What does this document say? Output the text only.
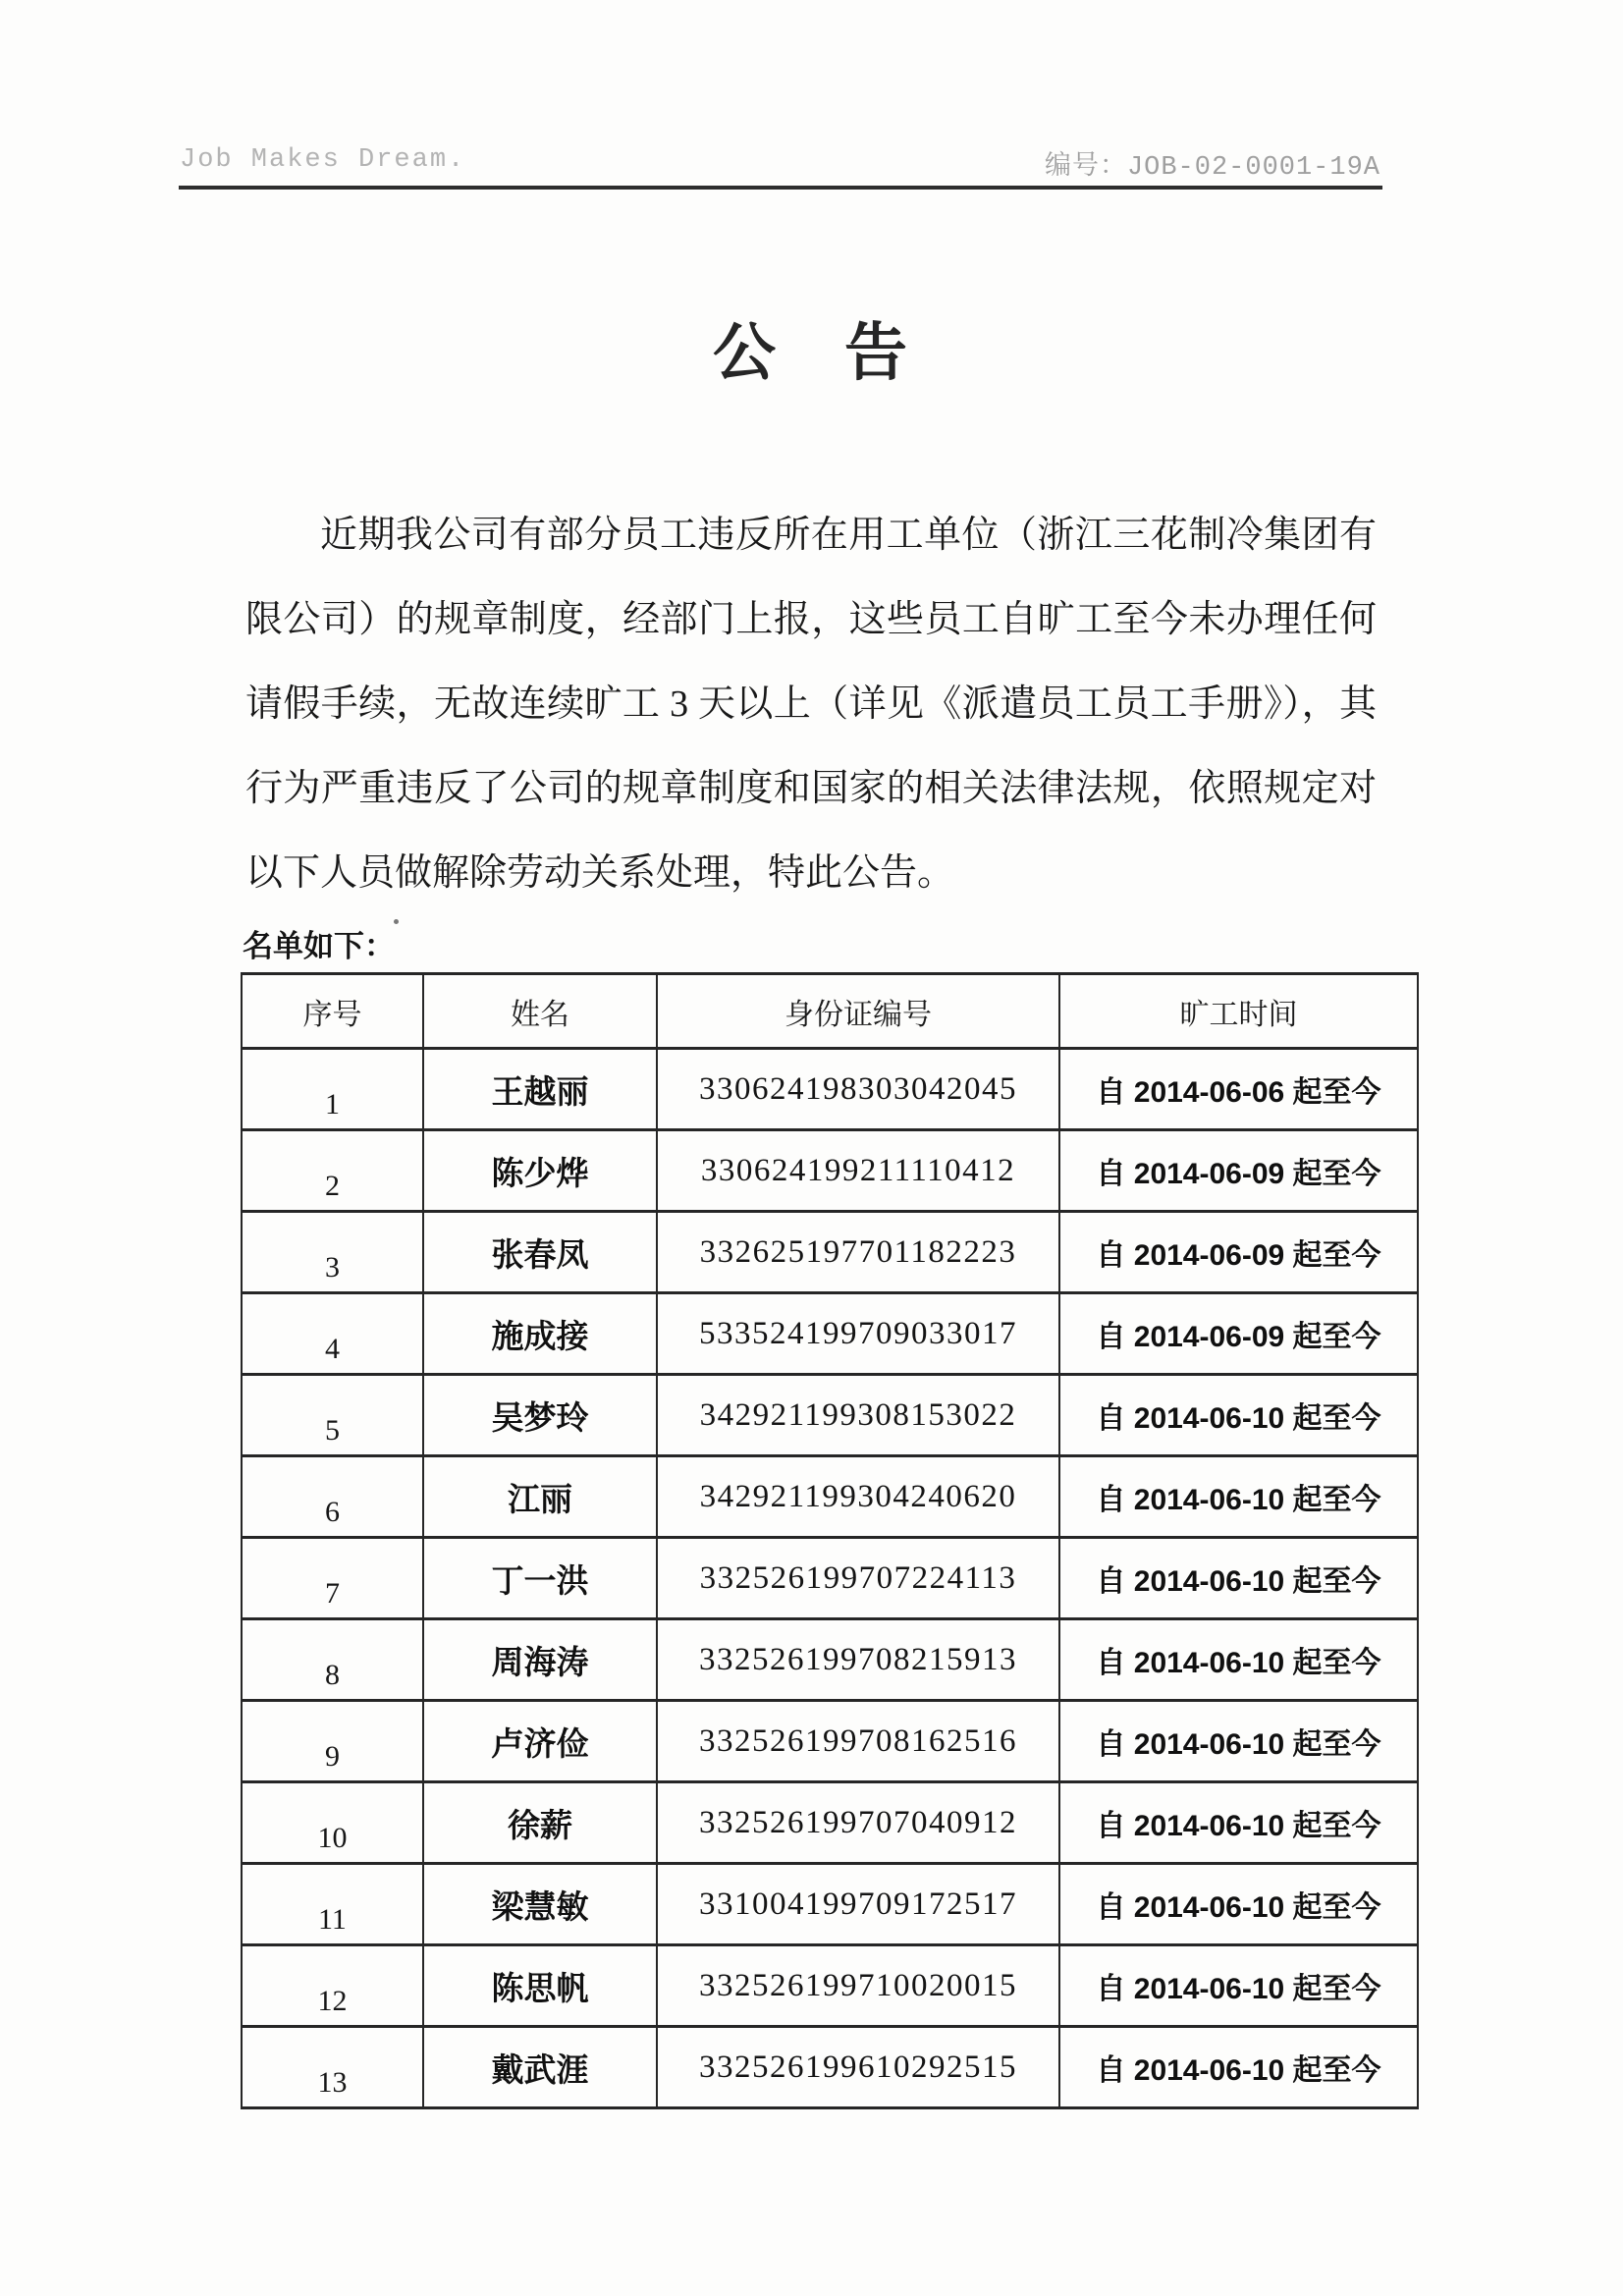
Job Makes Dream.	编号：JOB-02-0001-19A
公　告
近期我公司有部分员工违反所在用工单位（浙江三花制冷集团有
限公司）的规章制度，经部门上报，这些员工自旷工至今未办理任何
请假手续，无故连续旷工 3 天以上（详见《派遣员工员工手册》），其
行为严重违反了公司的规章制度和国家的相关法律法规，依照规定对
以下人员做解除劳动关系处理，特此公告。
名单如下：
序号	姓名	身份证编号	旷工时间
1	王越丽	330624198303042045	自 2014-06-06 起至今
2	陈少烨	330624199211110412	自 2014-06-09 起至今
3	张春凤	332625197701182223	自 2014-06-09 起至今
4	施成接	533524199709033017	自 2014-06-09 起至今
5	吴梦玲	342921199308153022	自 2014-06-10 起至今
6	江丽	342921199304240620	自 2014-06-10 起至今
7	丁一洪	332526199707224113	自 2014-06-10 起至今
8	周海涛	332526199708215913	自 2014-06-10 起至今
9	卢济俭	332526199708162516	自 2014-06-10 起至今
10	徐薪	332526199707040912	自 2014-06-10 起至今
11	梁慧敏	331004199709172517	自 2014-06-10 起至今
12	陈思帆	332526199710020015	自 2014-06-10 起至今
13	戴武涯	332526199610292515	自 2014-06-10 起至今
